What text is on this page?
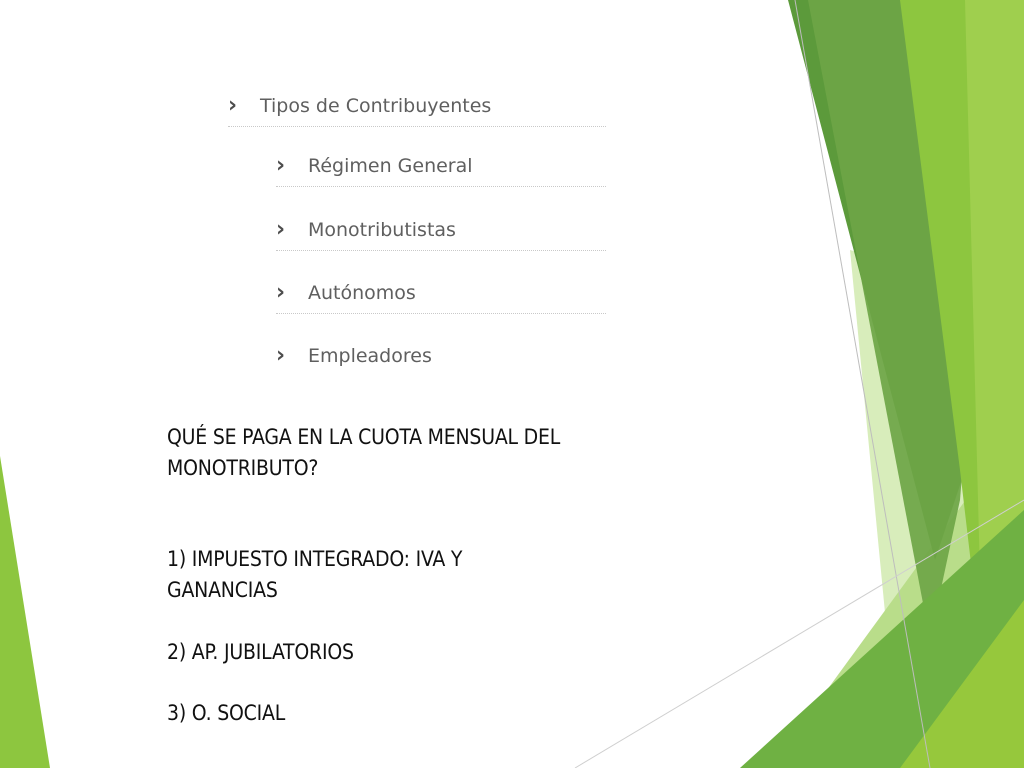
› Tipos de Contribuyentes
› Régimen General
› Monotributistas
› Autónomos
› Empleadores
QUÉ SE PAGA EN LA CUOTA MENSUAL DEL
MONOTRIBUTO?
1) IMPUESTO INTEGRADO: IVA Y
GANANCIAS
2) AP. JUBILATORIOS
3) O. SOCIAL
